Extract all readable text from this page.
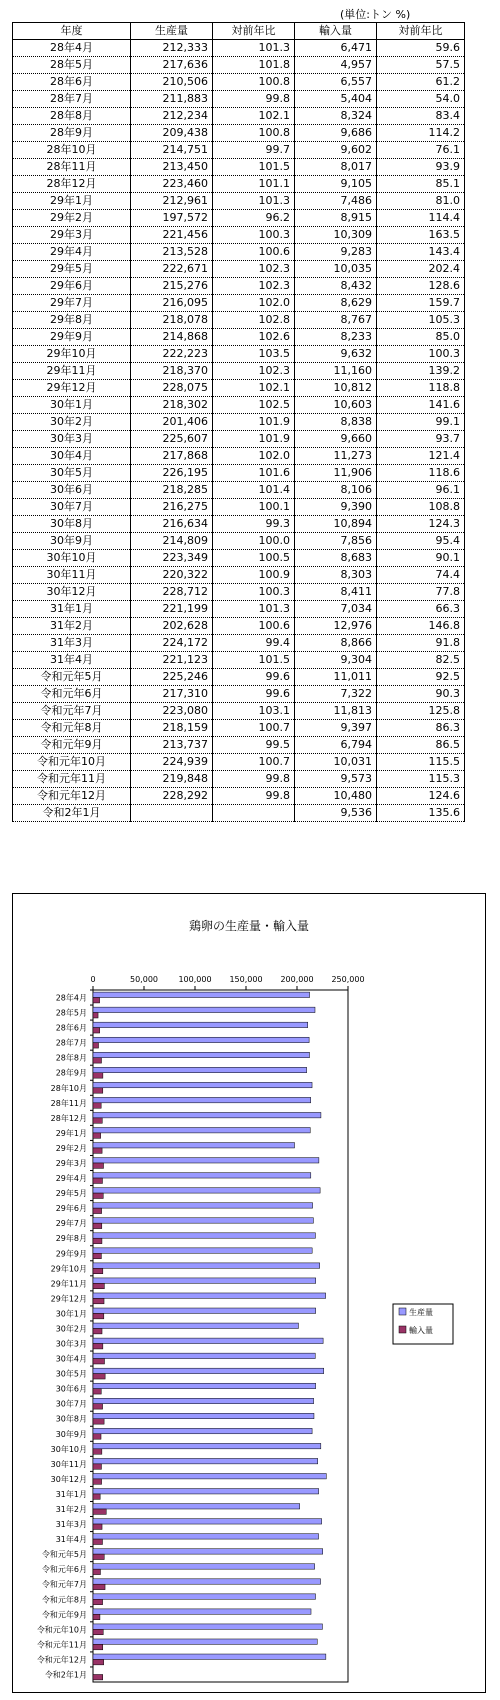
(単位:トン %)
年度	生産量	対前年比	輸入量	対前年比
28年4月	212,333	101.3	6,471	59.6
28年5月	217,636	101.8	4,957	57.5
28年6月	210,506	100.8	6,557	61.2
28年7月	211,883	99.8	5,404	54.0
28年8月	212,234	102.1	8,324	83.4
28年9月	209,438	100.8	9,686	114.2
28年10月	214,751	99.7	9,602	76.1
28年11月	213,450	101.5	8,017	93.9
28年12月	223,460	101.1	9,105	85.1
29年1月	212,961	101.3	7,486	81.0
29年2月	197,572	96.2	8,915	114.4
29年3月	221,456	100.3	10,309	163.5
29年4月	213,528	100.6	9,283	143.4
29年5月	222,671	102.3	10,035	202.4
29年6月	215,276	102.3	8,432	128.6
29年7月	216,095	102.0	8,629	159.7
29年8月	218,078	102.8	8,767	105.3
29年9月	214,868	102.6	8,233	85.0
29年10月	222,223	103.5	9,632	100.3
29年11月	218,370	102.3	11,160	139.2
29年12月	228,075	102.1	10,812	118.8
30年1月	218,302	102.5	10,603	141.6
30年2月	201,406	101.9	8,838	99.1
30年3月	225,607	101.9	9,660	93.7
30年4月	217,868	102.0	11,273	121.4
30年5月	226,195	101.6	11,906	118.6
30年6月	218,285	101.4	8,106	96.1
30年7月	216,275	100.1	9,390	108.8
30年8月	216,634	99.3	10,894	124.3
30年9月	214,809	100.0	7,856	95.4
30年10月	223,349	100.5	8,683	90.1
30年11月	220,322	100.9	8,303	74.4
30年12月	228,712	100.3	8,411	77.8
31年1月	221,199	101.3	7,034	66.3
31年2月	202,628	100.6	12,976	146.8
31年3月	224,172	99.4	8,866	91.8
31年4月	221,123	101.5	9,304	82.5
令和元年5月	225,246	99.6	11,011	92.5
令和元年6月	217,310	99.6	7,322	90.3
令和元年7月	223,080	103.1	11,813	125.8
令和元年8月	218,159	100.7	9,397	86.3
令和元年9月	213,737	99.5	6,794	86.5
令和元年10月	224,939	100.7	10,031	115.5
令和元年11月	219,848	99.8	9,573	115.3
令和元年12月	228,292	99.8	10,480	124.6
令和2年1月			9,536	135.6
鶏卵の生産量・輸入量
0	50,000	100,000 150,000 200,000 250,000
28年4月
28年5月
28年6月
28年7月
28年8月
28年9月
28年10月
28年11月
28年12月
29年1月
29年2月
29年3月
29年4月
29年5月
29年6月
29年7月
29年8月
29年9月
29年10月
29年11月
29年12月
30年1月
30年2月
30年3月
30年4月
30年5月
30年6月
30年7月
30年8月
30年9月
30年10月
30年11月
30年12月
31年1月
31年2月
31年3月
31年4月
令和元年5月
令和元年6月
令和元年7月
令和元年8月
令和元年9月
令和元年10月
令和元年11月
令和元年12月
令和2年1月
生産量
輸入量
